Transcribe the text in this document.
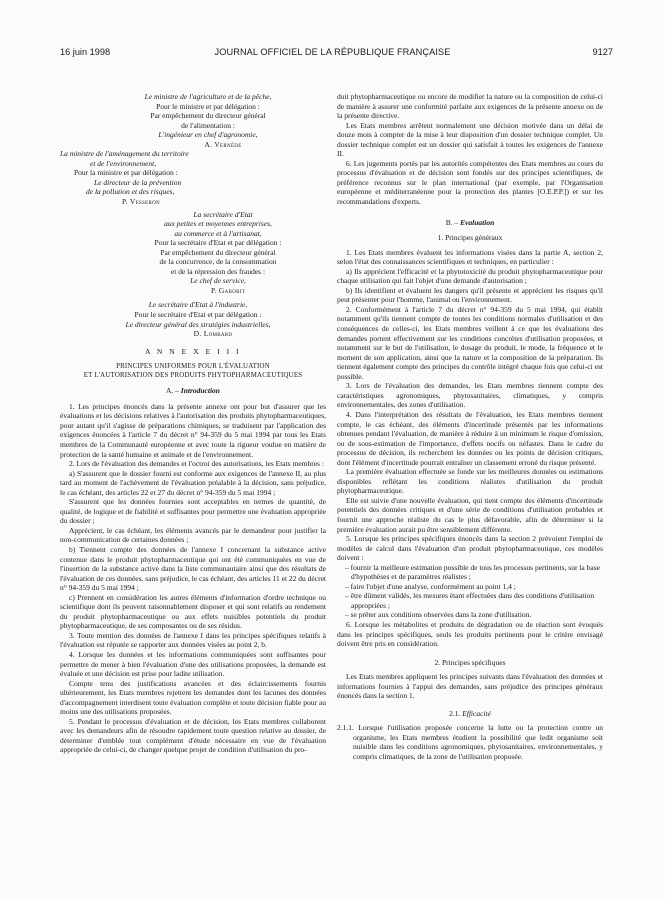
16 juin 1998	JOURNAL OFFICIEL DE LA RÉPUBLIQUE FRANÇAISE	9127

Le ministre de l'agriculture et de la pêche,

Pour le ministre et par délégation :

Par empêchement du directeur général

de l'alimentation :

L'ingénieur en chef d'agronomie,

A. Vernède

La ministre de l'aménagement du territoire

et de l'environnement,

Pour la ministre et par délégation :

Le directeur de la prévention

de la pollution et des risques,

P. Vesseron

La secrétaire d'Etat

aux petites et moyennes entreprises,

au commerce et à l'artisanat,

Pour la secrétaire d'Etat et par délégation :

Par empêchement du directeur général

de la concurrence, de la consommation

et de la répression des fraudes :

Le chef de service,

P. Gaborit

Le secrétaire d'Etat à l'industrie,

Pour le secrétaire d'Etat et par délégation :

Le directeur général des stratégies industrielles,

D. Lombard

A N N E X E I I I

PRINCIPES UNIFORMES POUR L'ÉVALUATION
ET L'AUTORISATION DES PRODUITS PHYTOPHARMACEUTIQUES

A. – Introduction

1. Les principes énoncés dans la présente annexe ont pour but d'assurer que les évaluations et les décisions relatives à l'autorisation des produits phytopharmaceutiques, pour autant qu'il s'agisse de préparations chimiques, se traduisent par l'application des exigences énoncées à l'article 7 du décret n° 94-359 du 5 mai 1994 par tous les Etats membres de la Communauté européenne et avec toute la rigueur voulue en matière de protection de la santé humaine et animale et de l'environnement.

2. Lors de l'évaluation des demandes et l'octroi des autorisations, les Etats membres :

a) S'assurent que le dossier fourni est conforme aux exigences de l'annexe II, au plus tard au moment de l'achèvement de l'évaluation préalable à la décision, sans préjudice, le cas échéant, des articles 22 et 27 du décret n° 94-359 du 5 mai 1994 ;

S'assurent que les données fournies sont acceptables en termes de quantité, de qualité, de logique et de fiabilité et suffisantes pour permettre une évaluation appropriée du dossier ;

Apprécient, le cas échéant, les éléments avancés par le demandeur pour justifier la non-communication de certaines données ;

b) Tiennent compte des données de l'annexe I concernant la substance active contenue dans le produit phytopharmaceutique qui ont été communiquées en vue de l'insertion de la substance active dans la liste communautaire ainsi que des résultats de l'évaluation de ces données, sans préjudice, le cas échéant, des articles 11 et 22 du décret n° 94-359 du 5 mai 1994 ;

c) Prennent en considération les autres éléments d'information d'ordre technique ou scientifique dont ils peuvent raisonnablement disposer et qui sont relatifs au rendement du produit phytopharmaceutique ou aux effets nuisibles potentiels du produit phytopharmaceutique, de ses composantes ou de ses résidus.

3. Toute mention des données de l'annexe I dans les principes spécifiques relatifs à l'évaluation est réputée se rapporter aux données visées au point 2, b.

4. Lorsque les données et les informations communiquées sont suffisantes pour permettre de mener à bien l'évaluation d'une des utilisations proposées, la demande est évaluée et une décision est prise pour ladite utilisation.

Compte tenu des justifications avancées et des éclaircissements fournis ultérieurement, les Etats membres rejettent les demandes dont les lacunes des données d'accompagnement interdisent toute évaluation complète et toute décision fiable pour au moins une des utilisations proposées.

5. Pendant le processus d'évaluation et de décision, les Etats membres collaborent avec les demandeurs afin de résoudre rapidement toute question relative au dossier, de déterminer d'emblée tout complément d'étude nécessaire en vue de l'évaluation appropriée de celui-ci, de changer quelque projet de condition d'utilisation du pro-

duit phytopharmaceutique ou encore de modifier la nature ou la composition de celui-ci de manière à assurer une conformité parfaite aux exigences de la présente annexe ou de la présente directive.

Les Etats membres arrêtent normalement une décision motivée dans un délai de douze mois à compter de la mise à leur disposition d'un dossier technique complet. Un dossier technique complet est un dossier qui satisfait à toutes les exigences de l'annexe II.

6. Les jugements portés par les autorités compétentes des Etats membres au cours du processus d'évaluation et de décision sont fondés sur des principes scientifiques, de préférence reconnus sur le plan international (par exemple, par l'Organisation européenne et méditerranéenne pour la protection des plantes [O.E.P.P.]) et sur les recommandations d'experts.

B. – Evaluation

1. Principes généraux

1. Les Etats membres évaluent les informations visées dans la partie A, section 2, selon l'état des connaissances scientifiques et techniques, en particulier :

a) Ils apprécient l'efficacité et la phytotoxicité du produit phytopharmaceutique pour chaque utilisation qui fait l'objet d'une demande d'autorisation ;

b) Ils identifient et évaluent les dangers qu'il présente et apprécient les risques qu'il peut présenter pour l'homme, l'animal ou l'environnement.

2. Conformément à l'article 7 du décret n° 94-359 du 5 mai 1994, qui établit notamment qu'ils tiennent compte de toutes les conditions normales d'utilisation et des conséquences de celles-ci, les Etats membres veillent à ce que les évaluations des demandes portent effectivement sur les conditions concrètes d'utilisation proposées, et notamment sur le but de l'utilisation, le dosage du produit, le mode, la fréquence et le moment de son application, ainsi que la nature et la composition de la préparation. Ils tiennent également compte des principes du contrôle intégré chaque fois que celui-ci est possible.

3. Lors de l'évaluation des demandes, les Etats membres tiennent compte des caractéristiques agronomiques, phytosanitaires, climatiques, y compris environnementales, des zones d'utilisation.

4. Dans l'interprétation des résultats de l'évaluation, les Etats membres tiennent compte, le cas échéant, des éléments d'incertitude présentés par les informations obtenues pendant l'évaluation, de manière à réduire à un minimum le risque d'omission, ou de sous-estimation de l'importance, d'effets nocifs ou néfastes. Dans le cadre du processus de décision, ils recherchent les données ou les points de décision critiques, dont l'élément d'incertitude pourrait entraîner un classement erroné du risque présenté.

La première évaluation effectuée se fonde sur les meilleures données ou estimations disponibles reflétant les conditions réalistes d'utilisation du produit phytopharmaceutique.

Elle est suivie d'une nouvelle évaluation, qui tient compte des éléments d'incertitude potentiels des données critiques et d'une série de conditions d'utilisation probables et fournit une approche réaliste du cas le plus défavorable, afin de déterminer si la première évaluation aurait pu être sensiblement différente.

5. Lorsque les principes spécifiques énoncés dans la section 2 prévoient l'emploi de modèles de calcul dans l'évaluation d'un produit phytopharmaceutique, ces modèles doivent :

– fournir la meilleure estimation possible de tous les processus pertinents, sur la base d'hypothèses et de paramètres réalistes ;

– faire l'objet d'une analyse, conformément au point 1,4 ;

– être dûment validés, les mesures étant effectuées dans des conditions d'utilisation appropriées ;

– se prêter aux conditions observées dans la zone d'utilisation.

6. Lorsque les métabolites et produits de dégradation ou de réaction sont évoqués dans les principes spécifiques, seuls les produits pertinents pour le critère envisagé doivent être pris en considération.

2. Principes spécifiques

Les Etats membres appliquent les principes suivants dans l'évaluation des données et informations fournies à l'appui des demandes, sans préjudice des principes généraux énoncés dans la section 1.

2.1. Efficacité

2.1.1. Lorsque l'utilisation proposée concerne la lutte ou la protection contre un organisme, les Etats membres étudient la possibilité que ledit organisme soit nuisible dans les conditions agronomiques, phytosanitaires, environnementales, y compris climatiques, de la zone de l'utilisation proposée.
